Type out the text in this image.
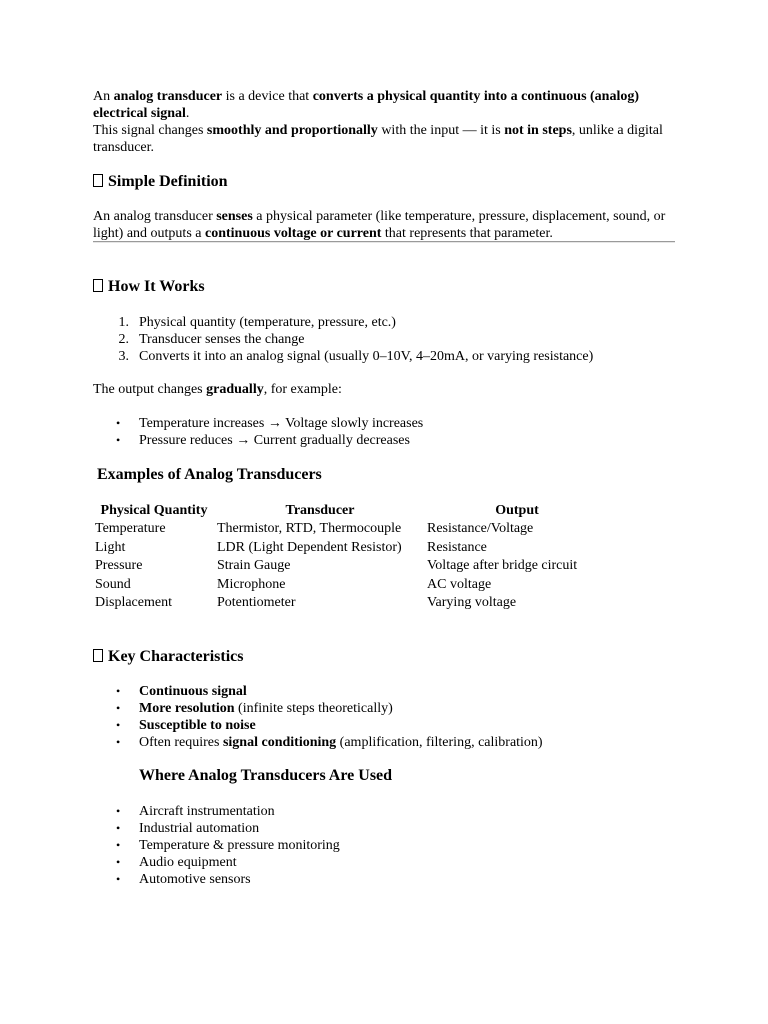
An analog transducer is a device that converts a physical quantity into a continuous (analog) electrical signal.

This signal changes smoothly and proportionally with the input — it is not in steps, unlike a digital transducer.

Simple Definition

An analog transducer senses a physical parameter (like temperature, pressure, displacement, sound, or light) and outputs a continuous voltage or current that represents that parameter.

How It Works
1. Physical quantity (temperature, pressure, etc.)
2. Transducer senses the change
3. Converts it into an analog signal (usually 0–10V, 4–20mA, or varying resistance)

The output changes gradually, for example:

• Temperature increases → Voltage slowly increases
• Pressure reduces → Current gradually decreases
Examples of Analog Transducers
Physical Quantity	Transducer	Output
Temperature	Thermistor, RTD, Thermocouple	Resistance/Voltage
Light	LDR (Light Dependent Resistor)	Resistance
Pressure	Strain Gauge	Voltage after bridge circuit
Sound	Microphone	AC voltage
Displacement	Potentiometer	Varying voltage
Key Characteristics
• Continuous signal
• More resolution (infinite steps theoretically)
• Susceptible to noise
• Often requires signal conditioning (amplification, filtering, calibration)
Where Analog Transducers Are Used
• Aircraft instrumentation
• Industrial automation
• Temperature & pressure monitoring
• Audio equipment
• Automotive sensors
